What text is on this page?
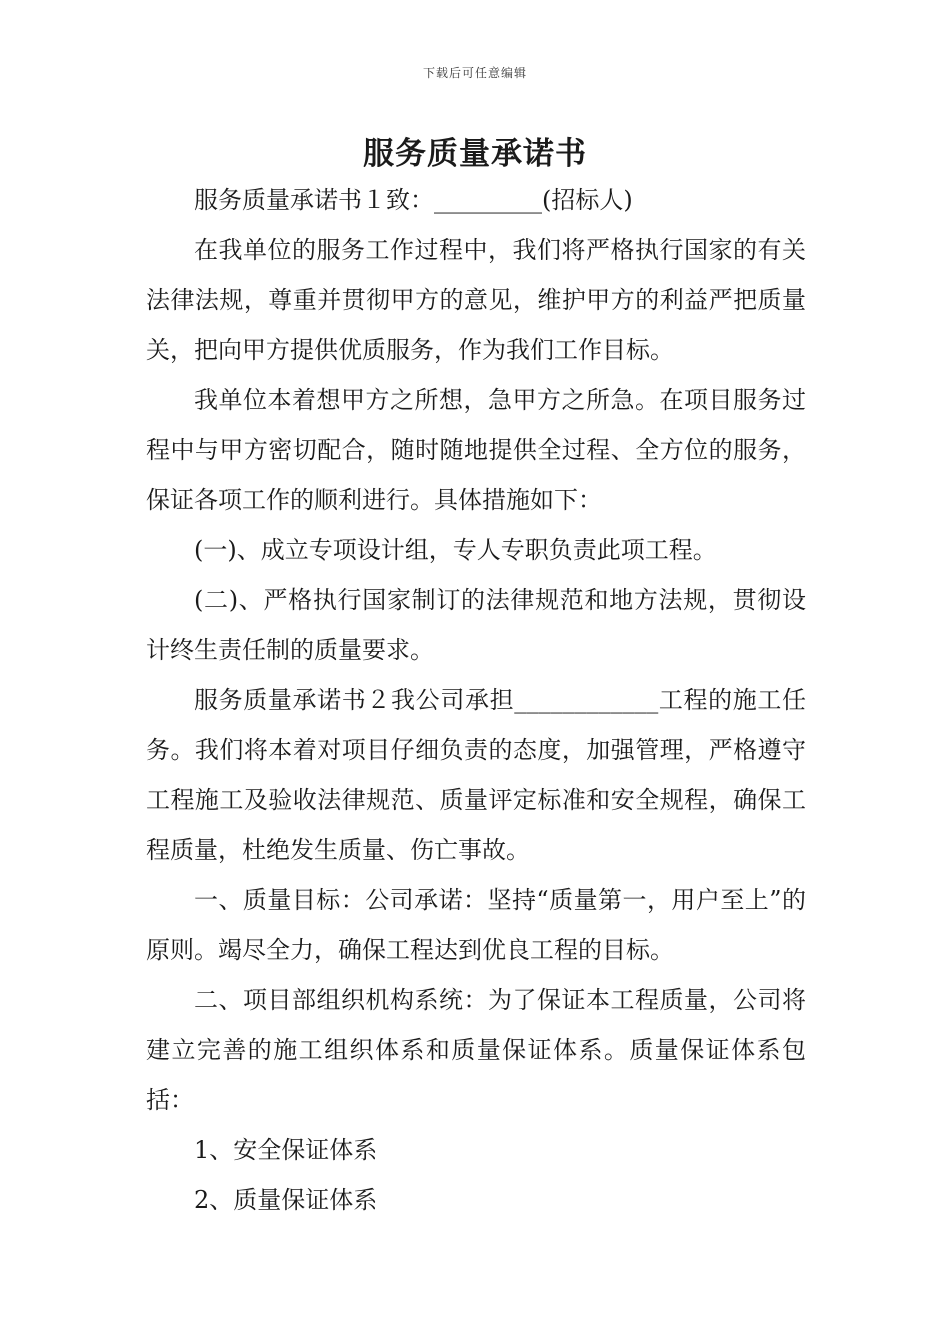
下载后可任意编辑
服务质量承诺书

服务质量承诺书１致：_________(招标人)

在我单位的服务工作过程中，我们将严格执行国家的有关法律法规，尊重并贯彻甲方的意见，维护甲方的利益严把质量关，把向甲方提供优质服务，作为我们工作目标。

我单位本着想甲方之所想，急甲方之所急。在项目服务过程中与甲方密切配合，随时随地提供全过程、全方位的服务，保证各项工作的顺利进行。具体措施如下：

(一)、成立专项设计组，专人专职负责此项工程。

(二)、严格执行国家制订的法律规范和地方法规，贯彻设计终生责任制的质量要求。

服务质量承诺书２我公司承担____________工程的施工任务。我们将本着对项目仔细负责的态度，加强管理，严格遵守工程施工及验收法律规范、质量评定标准和安全规程，确保工程质量，杜绝发生质量、伤亡事故。

一、质量目标：公司承诺：坚持“质量第一，用户至上”的原则。竭尽全力，确保工程达到优良工程的目标。

二、项目部组织机构系统：为了保证本工程质量，公司将建立完善的施工组织体系和质量保证体系。质量保证体系包括：

1、安全保证体系

2、质量保证体系
